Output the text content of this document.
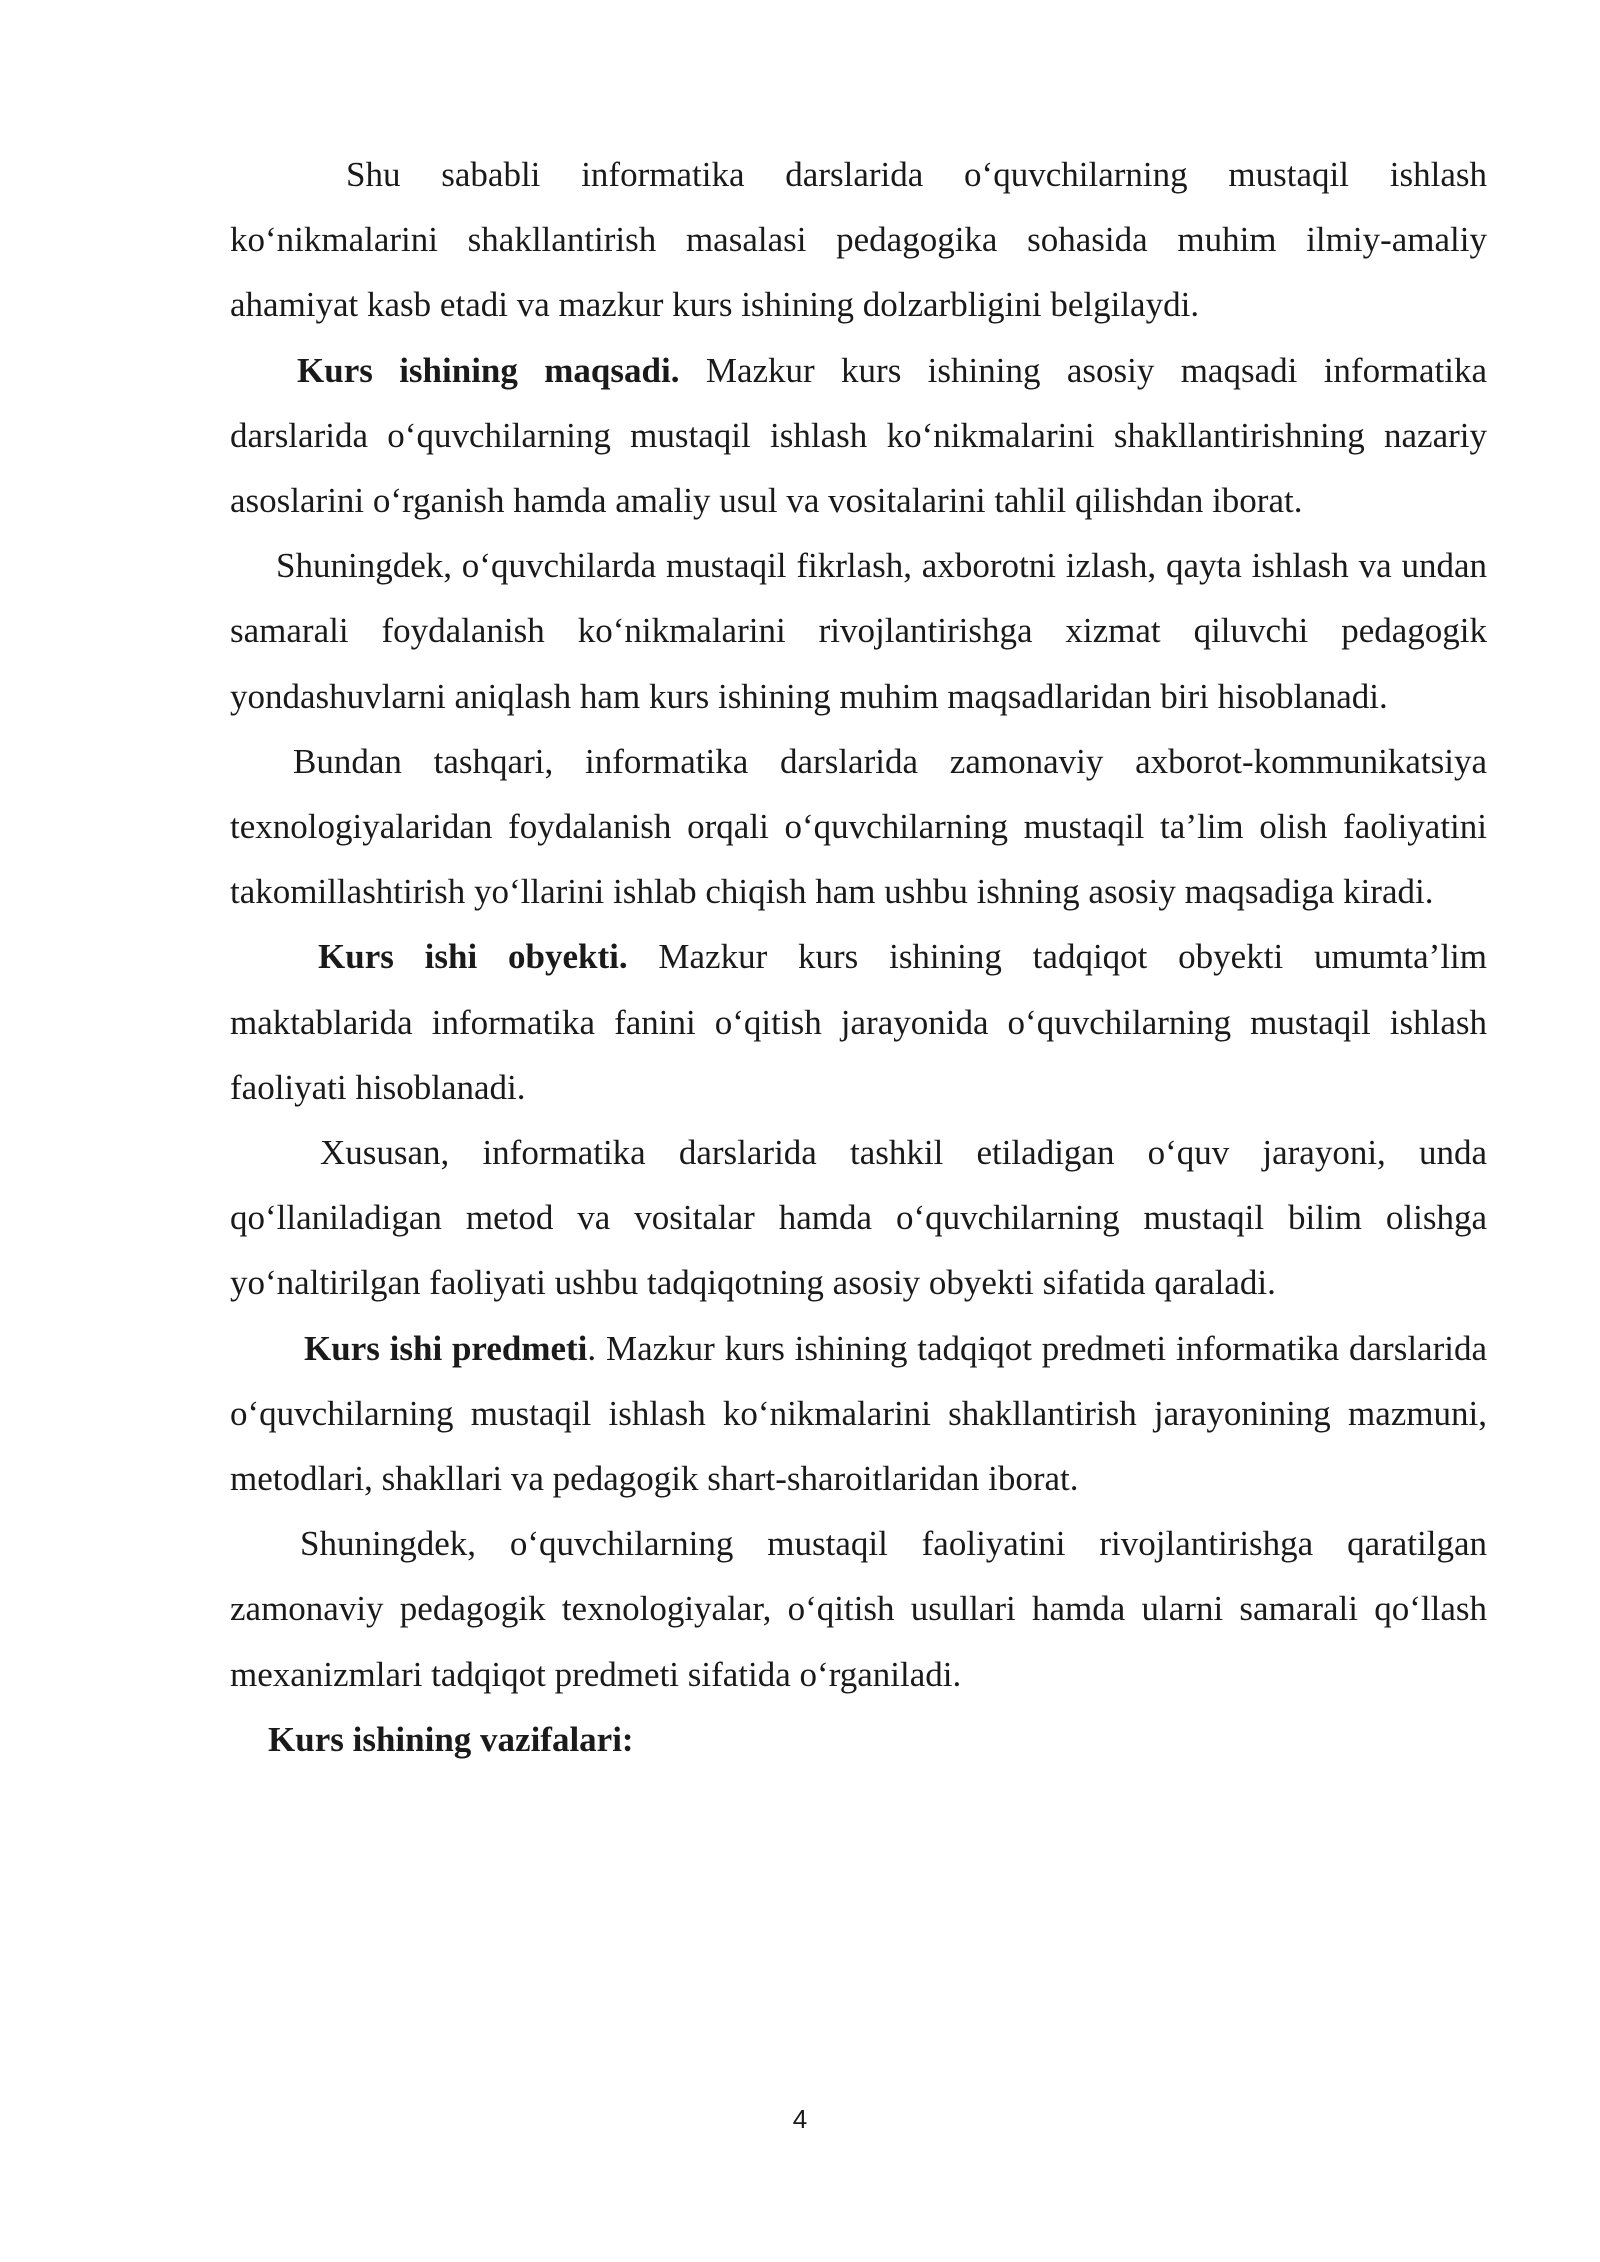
Shu sababli informatika darslarida o‘quvchilarning mustaqil ishlash ko‘nikmalarini shakllantirish masalasi pedagogika sohasida muhim ilmiy-amaliy ahamiyat kasb etadi va mazkur kurs ishining dolzarbligini belgilaydi.

Kurs ishining maqsadi. Mazkur kurs ishining asosiy maqsadi informatika darslarida o‘quvchilarning mustaqil ishlash ko‘nikmalarini shakllantirishning nazariy asoslarini o‘rganish hamda amaliy usul va vositalarini tahlil qilishdan iborat.

Shuningdek, o‘quvchilarda mustaqil fikrlash, axborotni izlash, qayta ishlash va undan samarali foydalanish ko‘nikmalarini rivojlantirishga xizmat qiluvchi pedagogik yondashuvlarni aniqlash ham kurs ishining muhim maqsadlaridan biri hisoblanadi.

Bundan tashqari, informatika darslarida zamonaviy axborot-kommunikatsiya texnologiyalaridan foydalanish orqali o‘quvchilarning mustaqil ta’lim olish faoliyatini takomillashtirish yo‘llarini ishlab chiqish ham ushbu ishning asosiy maqsadiga kiradi.

Kurs ishi obyekti. Mazkur kurs ishining tadqiqot obyekti umumta’lim maktablarida informatika fanini o‘qitish jarayonida o‘quvchilarning mustaqil ishlash faoliyati hisoblanadi.

Xususan, informatika darslarida tashkil etiladigan o‘quv jarayoni, unda qo‘llaniladigan metod va vositalar hamda o‘quvchilarning mustaqil bilim olishga yo‘naltirilgan faoliyati ushbu tadqiqotning asosiy obyekti sifatida qaraladi.

Kurs ishi predmeti. Mazkur kurs ishining tadqiqot predmeti informatika darslarida o‘quvchilarning mustaqil ishlash ko‘nikmalarini shakllantirish jarayonining mazmuni, metodlari, shakllari va pedagogik shart-sharoitlaridan iborat.

Shuningdek, o‘quvchilarning mustaqil faoliyatini rivojlantirishga qaratilgan zamonaviy pedagogik texnologiyalar, o‘qitish usullari hamda ularni samarali qo‘llash mexanizmlari tadqiqot predmeti sifatida o‘rganiladi.

Kurs ishining vazifalari:

4
